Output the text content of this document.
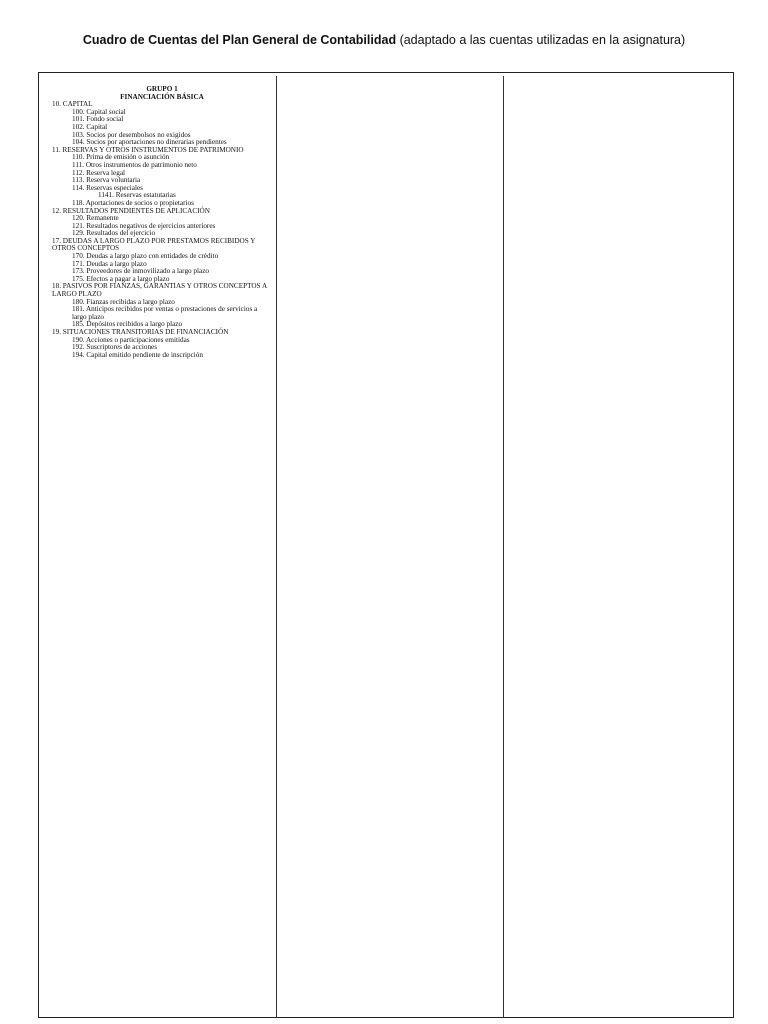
Cuadro de Cuentas del Plan General de Contabilidad (adaptado a las cuentas utilizadas en la asignatura)
GRUPO 1
FINANCIACIÓN BÁSICA
10. CAPITAL
100. Capital social
101. Fondo social
102. Capital
103. Socios por desembolsos no exigidos
104. Socios por aportaciones no dinerarias pendientes
11. RESERVAS Y OTROS INSTRUMENTOS DE PATRIMONIO
110. Prima de emisión o asunción
111. Otros instrumentos de patrimonio neto
112. Reserva legal
113. Reserva voluntaria
114. Reservas especiales
1141. Reservas estatutarias
118. Aportaciones de socios o propietarios
12. RESULTADOS PENDIENTES DE APLICACIÓN
120. Remanente
121. Resultados negativos de ejercicios anteriores
129. Resultados del ejercicio
17. DEUDAS A LARGO PLAZO POR PRESTAMOS RECIBIDOS Y OTROS CONCEPTOS
170. Deudas a largo plazo con entidades de crédito
171. Deudas a largo plazo
173. Proveedores de inmovilizado a largo plazo
175. Efectos a pagar a largo plazo
18. PASIVOS POR FIANZAS, GARANTIAS Y OTROS CONCEPTOS A LARGO PLAZO
180. Fianzas recibidas a largo plazo
181. Anticipos recibidos por ventas o prestaciones de servicios a largo plazo
185. Depósitos recibidos a largo plazo
19. SITUACIONES TRANSITORIAS DE FINANCIACIÓN
190. Acciones o participaciones emitidas
192. Suscriptores de acciones
194. Capital emitido pendiente de inscripción
